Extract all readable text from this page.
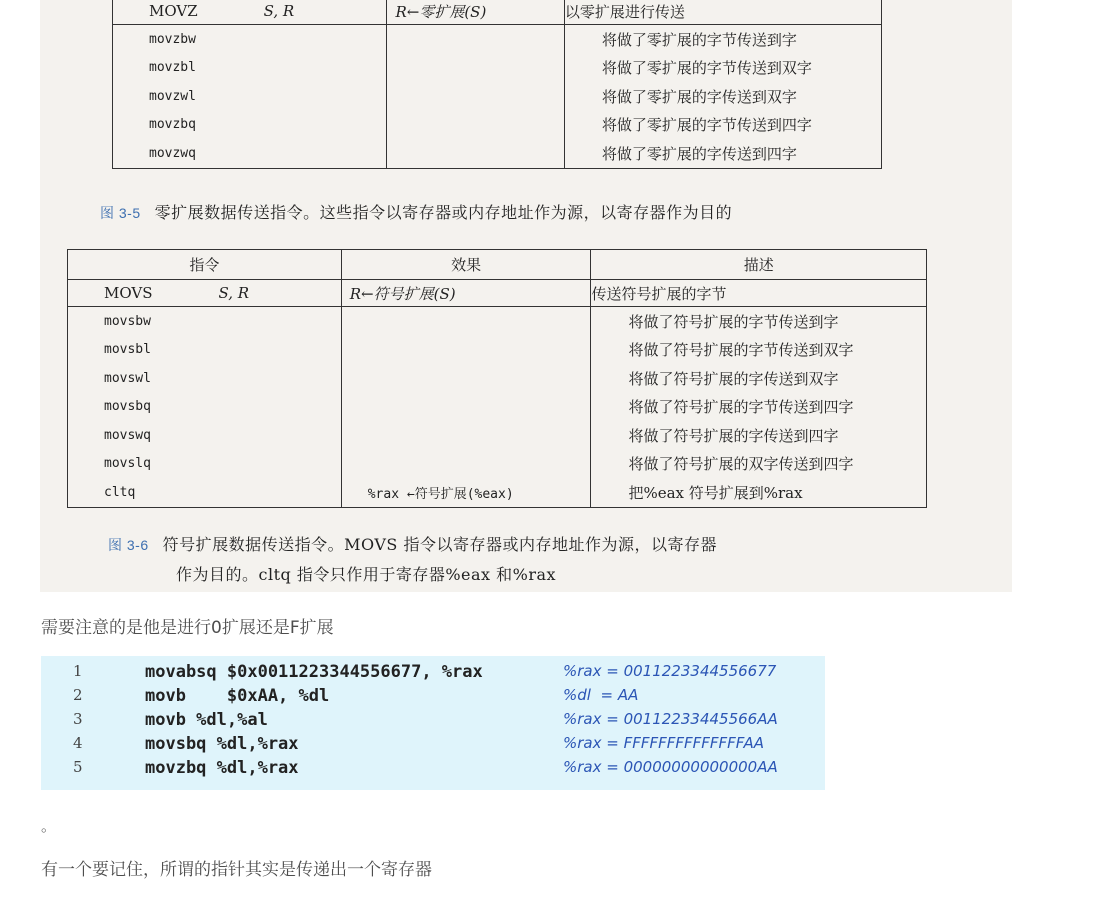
MOVZ S, R	R←零扩展(S)	以零扩展进行传送
movzbw		将做了零扩展的字节传送到字
movzbl		将做了零扩展的字节传送到双字
movzwl		将做了零扩展的字传送到双字
movzbq		将做了零扩展的字节传送到四字
movzwq		将做了零扩展的字传送到四字
图 3-5 零扩展数据传送指令。这些指令以寄存器或内存地址作为源，以寄存器作为目的
指令	效果	描述
MOVS S, R	R←符号扩展(S)	传送符号扩展的字节
movsbw		将做了符号扩展的字节传送到字
movsbl		将做了符号扩展的字节传送到双字
movswl		将做了符号扩展的字传送到双字
movsbq		将做了符号扩展的字节传送到四字
movswq		将做了符号扩展的字传送到四字
movslq		将做了符号扩展的双字传送到四字
cltq	%rax ←符号扩展(%eax)	把%eax 符号扩展到%rax
图 3-6 符号扩展数据传送指令。MOVS 指令以寄存器或内存地址作为源，以寄存器
作为目的。cltq 指令只作用于寄存器%eax 和%rax
需要注意的是他是进行0扩展还是F扩展
1	movabsq $0x0011223344556677, %rax	%rax = 0011223344556677
2	movb    $0xAA, %dl	%dl  = AA
3	movb %dl,%al	%rax = 00112233445566AA
4	movsbq %dl,%rax	%rax = FFFFFFFFFFFFFFAA
5	movzbq %dl,%rax	%rax = 00000000000000AA
。
有一个要记住，所谓的指针其实是传递出一个寄存器
